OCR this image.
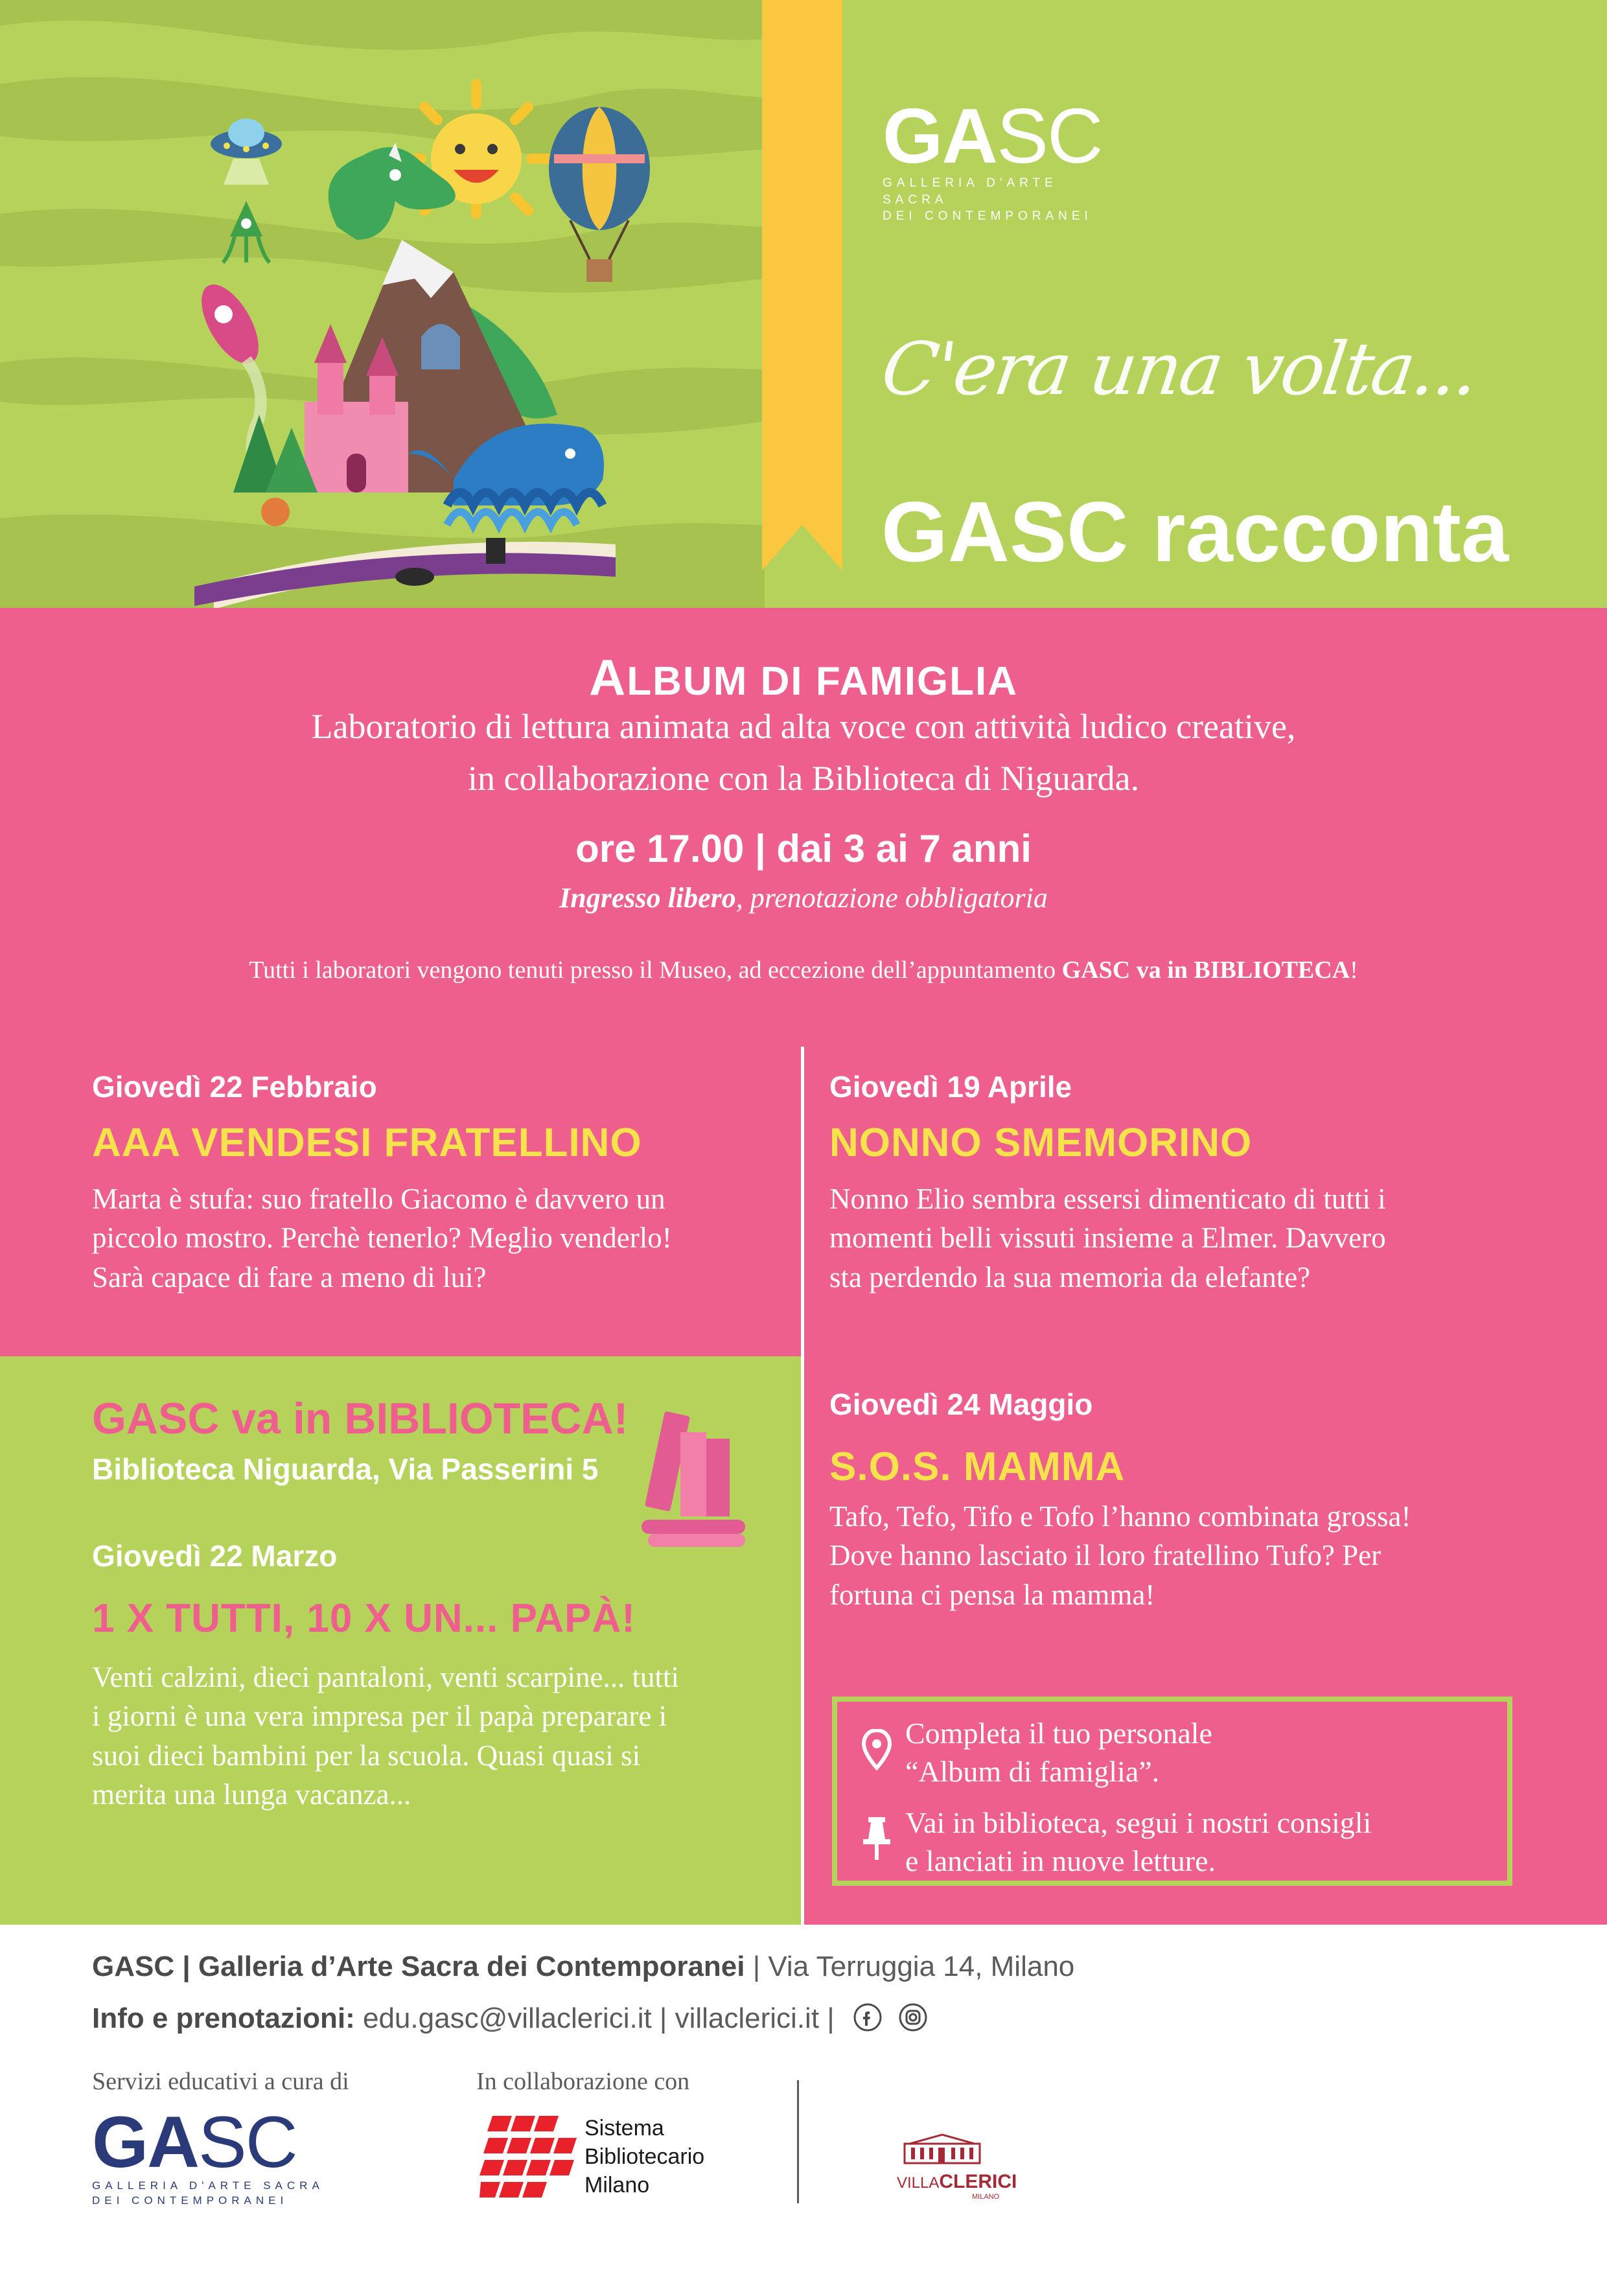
GASC
GALLERIA D'ARTE SACRA
DEI CONTEMPORANEI
C'era una volta...
GASC racconta
ALBUM DI FAMIGLIA
Laboratorio di lettura animata ad alta voce con attività ludico creative,
in collaborazione con la Biblioteca di Niguarda.
ore 17.00 | dai 3 ai 7 anni
Ingresso libero, prenotazione obbligatoria
Tutti i laboratori vengono tenuti presso il Museo, ad eccezione dell’appuntamento GASC va in BIBLIOTECA!
Giovedì 22 Febbraio
AAA VENDESI FRATELLINO
Marta è stufa: suo fratello Giacomo è davvero un
piccolo mostro. Perchè tenerlo? Meglio venderlo!
Sarà capace di fare a meno di lui?
Giovedì 19 Aprile
NONNO SMEMORINO
Nonno Elio sembra essersi dimenticato di tutti i
momenti belli vissuti insieme a Elmer. Davvero
sta perdendo la sua memoria da elefante?
GASC va in BIBLIOTECA!
Biblioteca Niguarda, Via Passerini 5
Giovedì 22 Marzo
1 X TUTTI, 10 X UN... PAPÀ!
Venti calzini, dieci pantaloni, venti scarpine... tutti
i giorni è una vera impresa per il papà preparare i
suoi dieci bambini per la scuola. Quasi quasi si
merita una lunga vacanza...
Giovedì 24 Maggio
S.O.S. MAMMA
Tafo, Tefo, Tifo e Tofo l’hanno combinata grossa!
Dove hanno lasciato il loro fratellino Tufo? Per
fortuna ci pensa la mamma!
Completa il tuo personale
“Album di famiglia”.
Vai in biblioteca, segui i nostri consigli
e lanciati in nuove letture.
GASC | Galleria d’Arte Sacra dei Contemporanei | Via Terruggia 14, Milano
Info e prenotazioni: edu.gasc@villaclerici.it | villaclerici.it |
Servizi educativi a cura di
GASC
GALLERIA D'ARTE SACRA
DEI CONTEMPORANEI
In collaborazione con
Sistema
Bibliotecario
Milano	VILLACLERICI
MILANO
